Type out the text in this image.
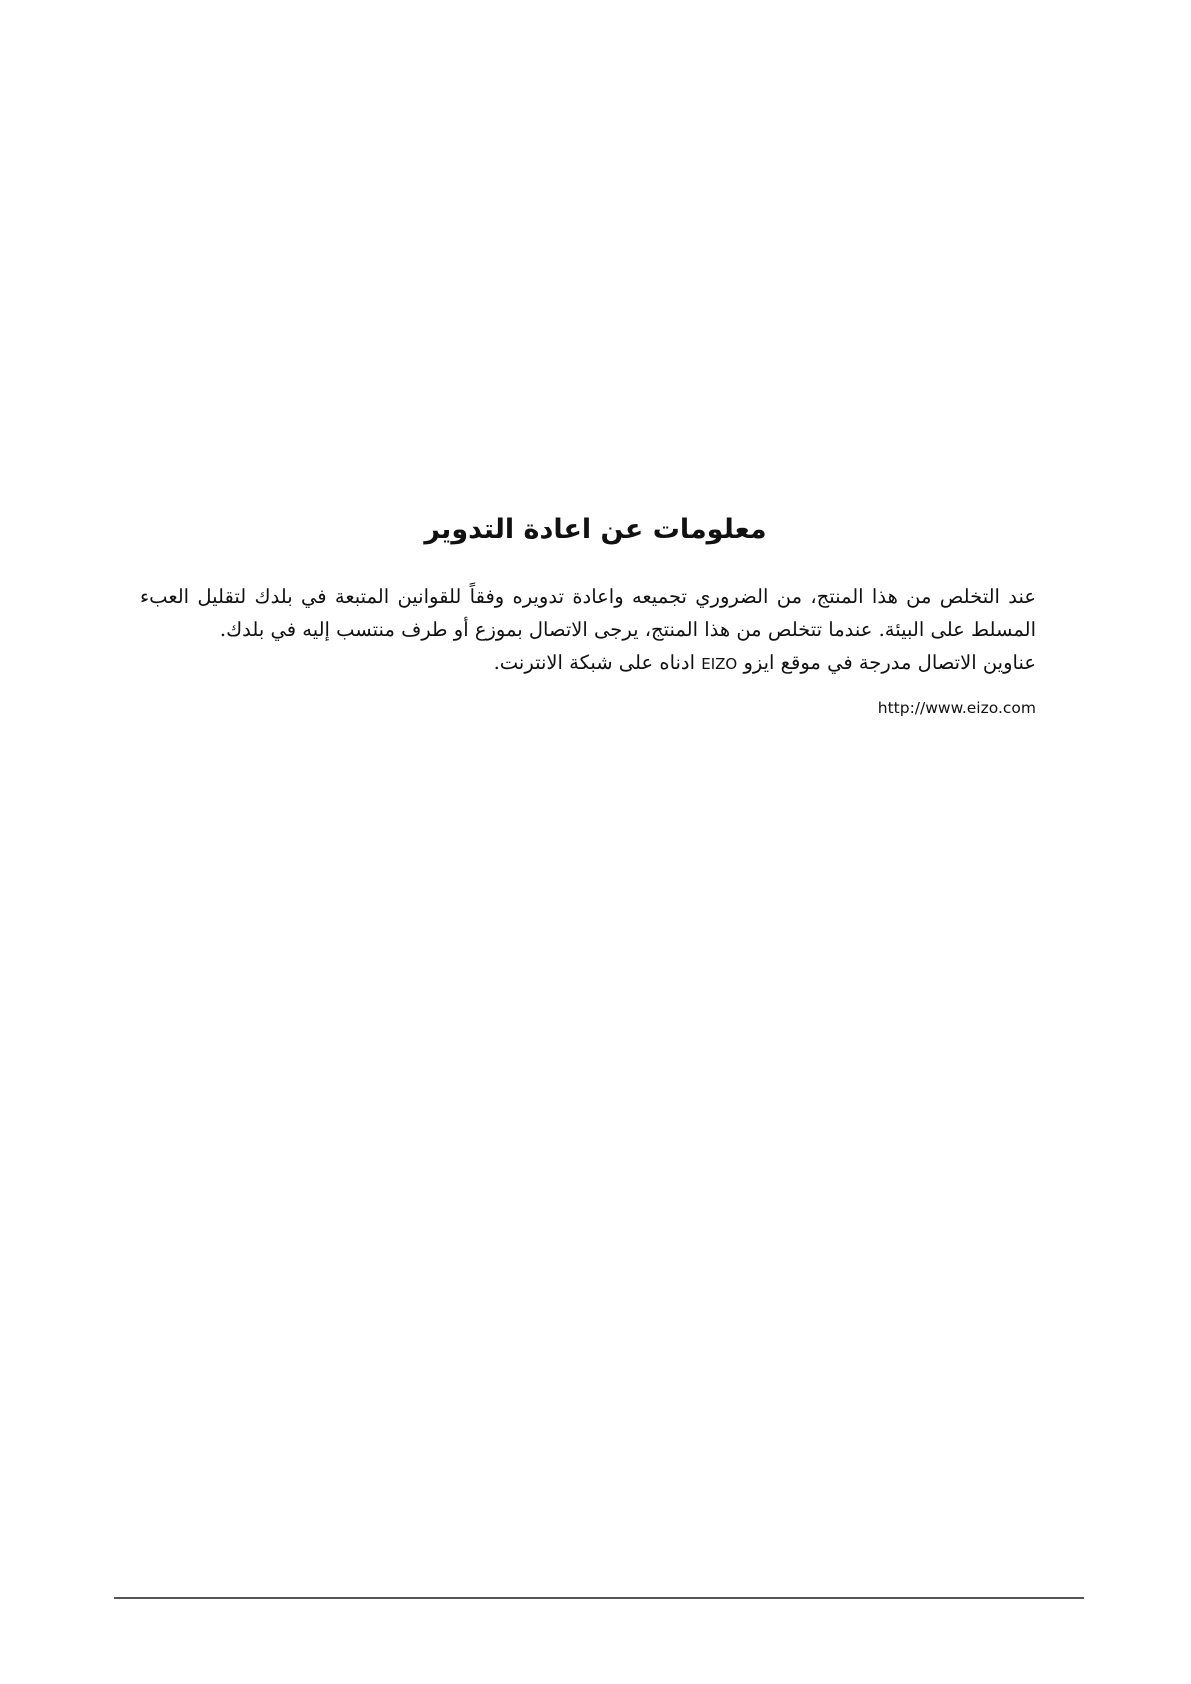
معلومات عن اعادة التدوير
عند التخلص من هذا المنتج، من الضروري تجميعه واعادة تدويره وفقاً للقوانين المتبعة في بلدك لتقليل العبء
المسلط على البيئة. عندما تتخلص من هذا المنتج، يرجى الاتصال بموزع أو طرف منتسب إليه في بلدك.
عناوين الاتصال مدرجة في موقع ايزو EIZO ادناه على شبكة الانترنت.
http://www.eizo.com
